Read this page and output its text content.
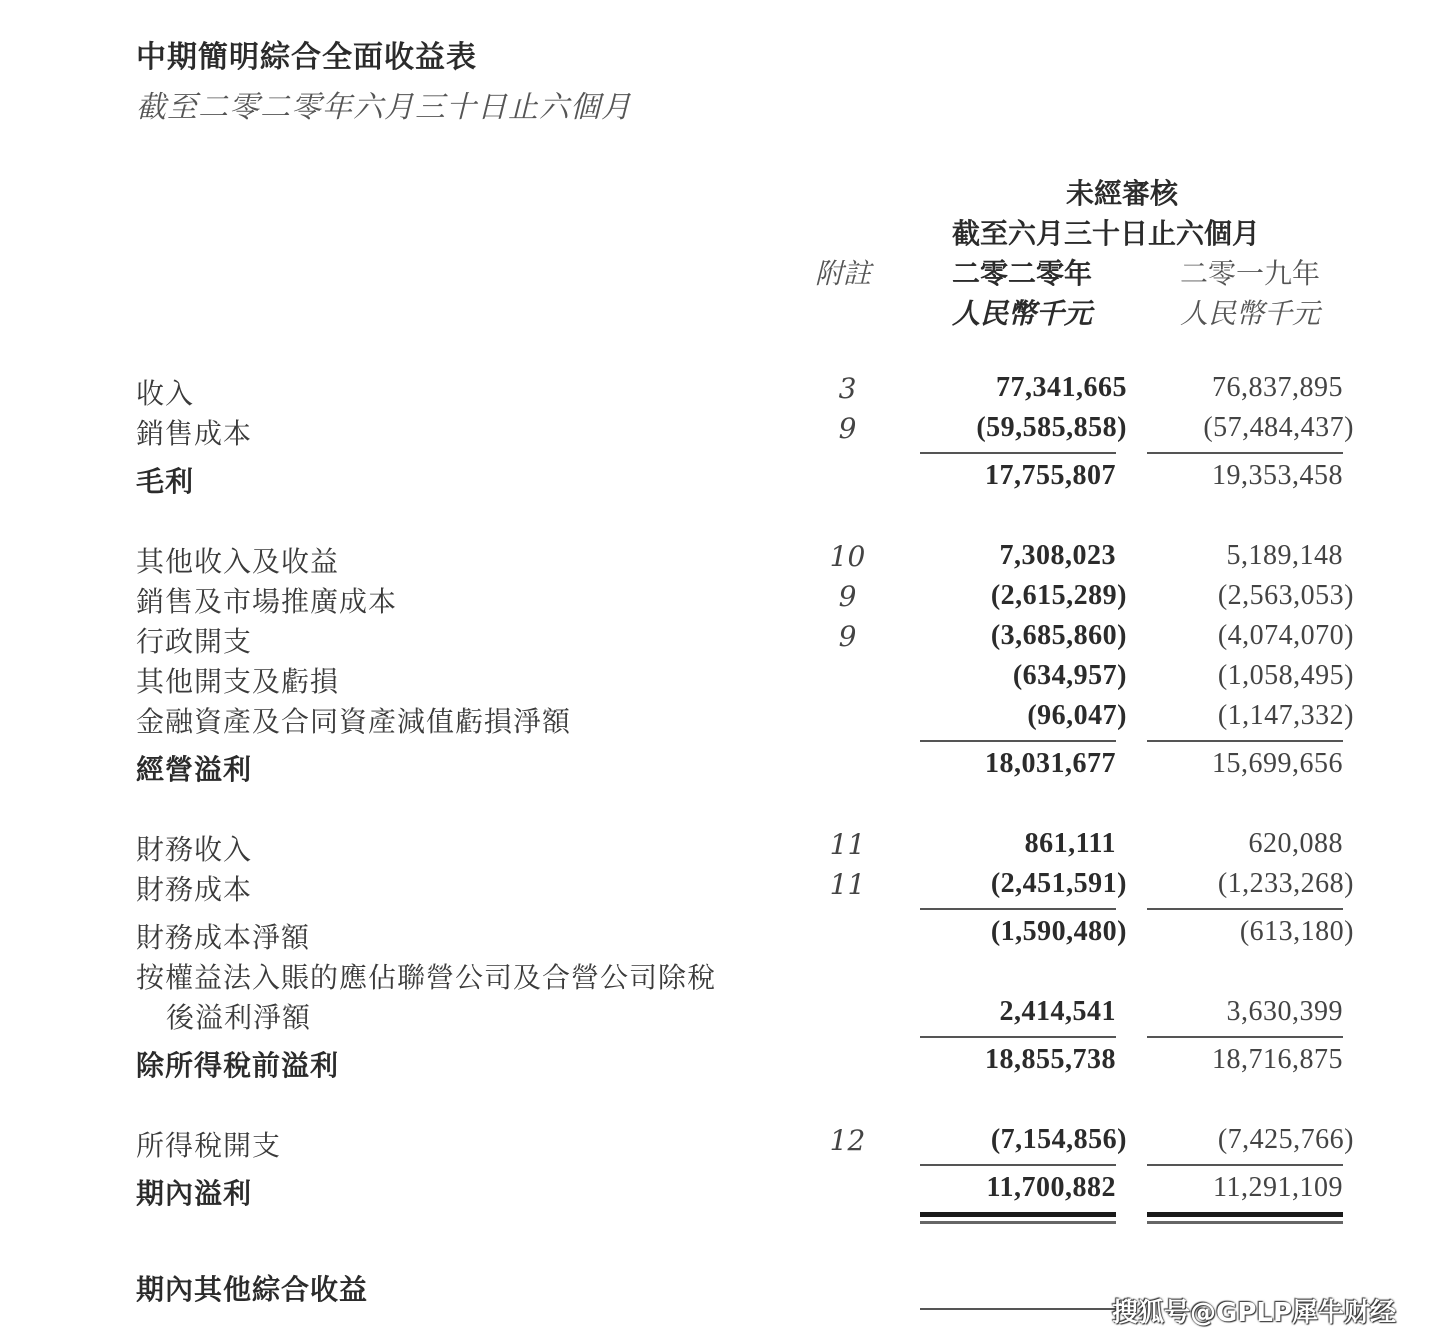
中期簡明綜合全面收益表
截至二零二零年六月三十日止六個月
未經審核
截至六月三十日止六個月
附註	二零二零年	二零一九年
人民幣千元	人民幣千元
收入	3	77,341,665	76,837,895
銷售成本	9	(59,585,858)	(57,484,437)
毛利	17,755,807	19,353,458
其他收入及收益	10	7,308,023	5,189,148
銷售及市場推廣成本	9	(2,615,289)	(2,563,053)
行政開支	9	(3,685,860)	(4,074,070)
其他開支及虧損	(634,957)	(1,058,495)
金融資產及合同資產減值虧損淨額	(96,047)	(1,147,332)
經營溢利	18,031,677	15,699,656
財務收入	11	861,111	620,088
財務成本	11	(2,451,591)	(1,233,268)
財務成本淨額	(1,590,480)	(613,180)
按權益法入賬的應佔聯營公司及合營公司除稅
後溢利淨額	2,414,541	3,630,399
除所得稅前溢利	18,855,738	18,716,875
所得稅開支	12	(7,154,856)	(7,425,766)
期內溢利	11,700,882	11,291,109
期內其他綜合收益
搜狐号@GPLP犀牛财经
